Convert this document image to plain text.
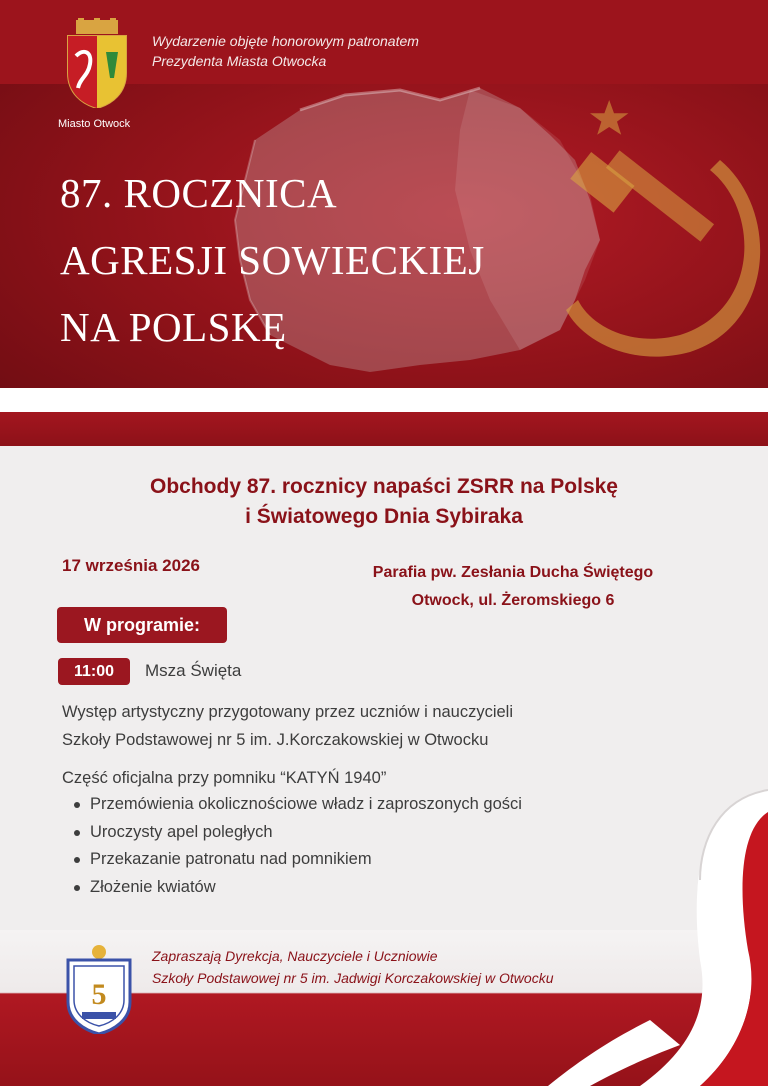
Miasto Otwock
Wydarzenie objęte honorowym patronatem
Prezydenta Miasta Otwocka
87. ROCZNICA
AGRESJI SOWIECKIEJ
NA POLSKĘ
Obchody 87. rocznicy napaści ZSRR na Polskę
i Światowego Dnia Sybiraka
17 września 2026	Parafia pw. Zesłania Ducha Świętego
Otwock, ul. Żeromskiego 6
W programie:
11:00	Msza Święta
Występ artystyczny przygotowany przez uczniów i nauczycieli
Szkoły Podstawowej nr 5 im. J.Korczakowskiej w Otwocku
Część oficjalna przy pomniku “KATYŃ 1940”
Przemówienia okolicznościowe władz i zaproszonych gości
Uroczysty apel poległych
Przekazanie patronatu nad pomnikiem
Złożenie kwiatów
5
Zapraszają Dyrekcja, Nauczyciele i Uczniowie
Szkoły Podstawowej nr 5 im. Jadwigi Korczakowskiej w Otwocku
